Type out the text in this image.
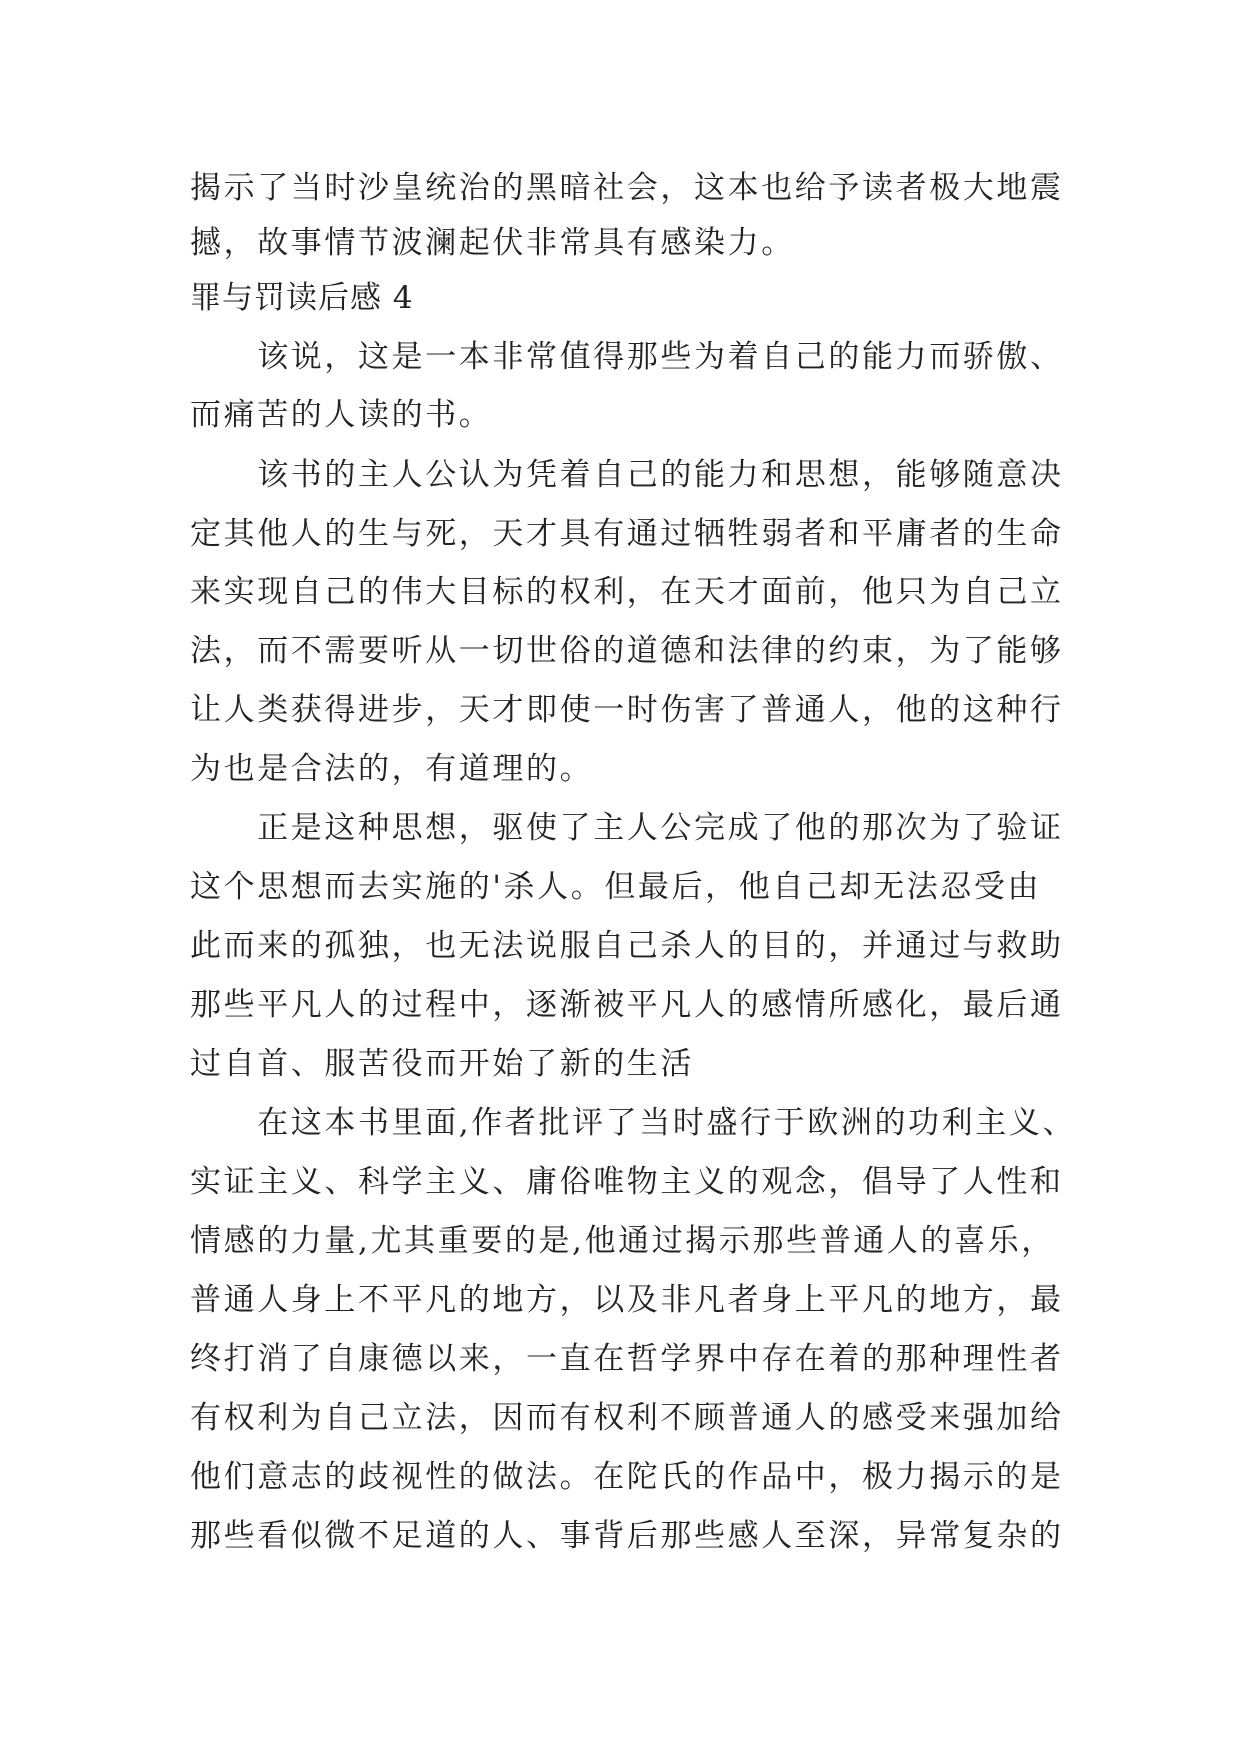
揭示了当时沙皇统治的黑暗社会，这本也给予读者极大地震
撼，故事情节波澜起伏非常具有感染力。
罪与罚读后感 4
　　该说，这是一本非常值得那些为着自己的能力而骄傲、
而痛苦的人读的书。
　　该书的主人公认为凭着自己的能力和思想，能够随意决
定其他人的生与死，天才具有通过牺牲弱者和平庸者的生命
来实现自己的伟大目标的权利，在天才面前，他只为自己立
法，而不需要听从一切世俗的道德和法律的约束，为了能够
让人类获得进步，天才即使一时伤害了普通人，他的这种行
为也是合法的，有道理的。
　　正是这种思想，驱使了主人公完成了他的那次为了验证
这个思想而去实施的'杀人。但最后，他自己却无法忍受由
此而来的孤独，也无法说服自己杀人的目的，并通过与救助
那些平凡人的过程中，逐渐被平凡人的感情所感化，最后通
过自首、服苦役而开始了新的生活
　　在这本书里面,作者批评了当时盛行于欧洲的功利主义、
实证主义、科学主义、庸俗唯物主义的观念，倡导了人性和
情感的力量,尤其重要的是,他通过揭示那些普通人的喜乐，
普通人身上不平凡的地方，以及非凡者身上平凡的地方，最
终打消了自康德以来，一直在哲学界中存在着的那种理性者
有权利为自己立法，因而有权利不顾普通人的感受来强加给
他们意志的歧视性的做法。在陀氏的作品中，极力揭示的是
那些看似微不足道的人、事背后那些感人至深，异常复杂的
